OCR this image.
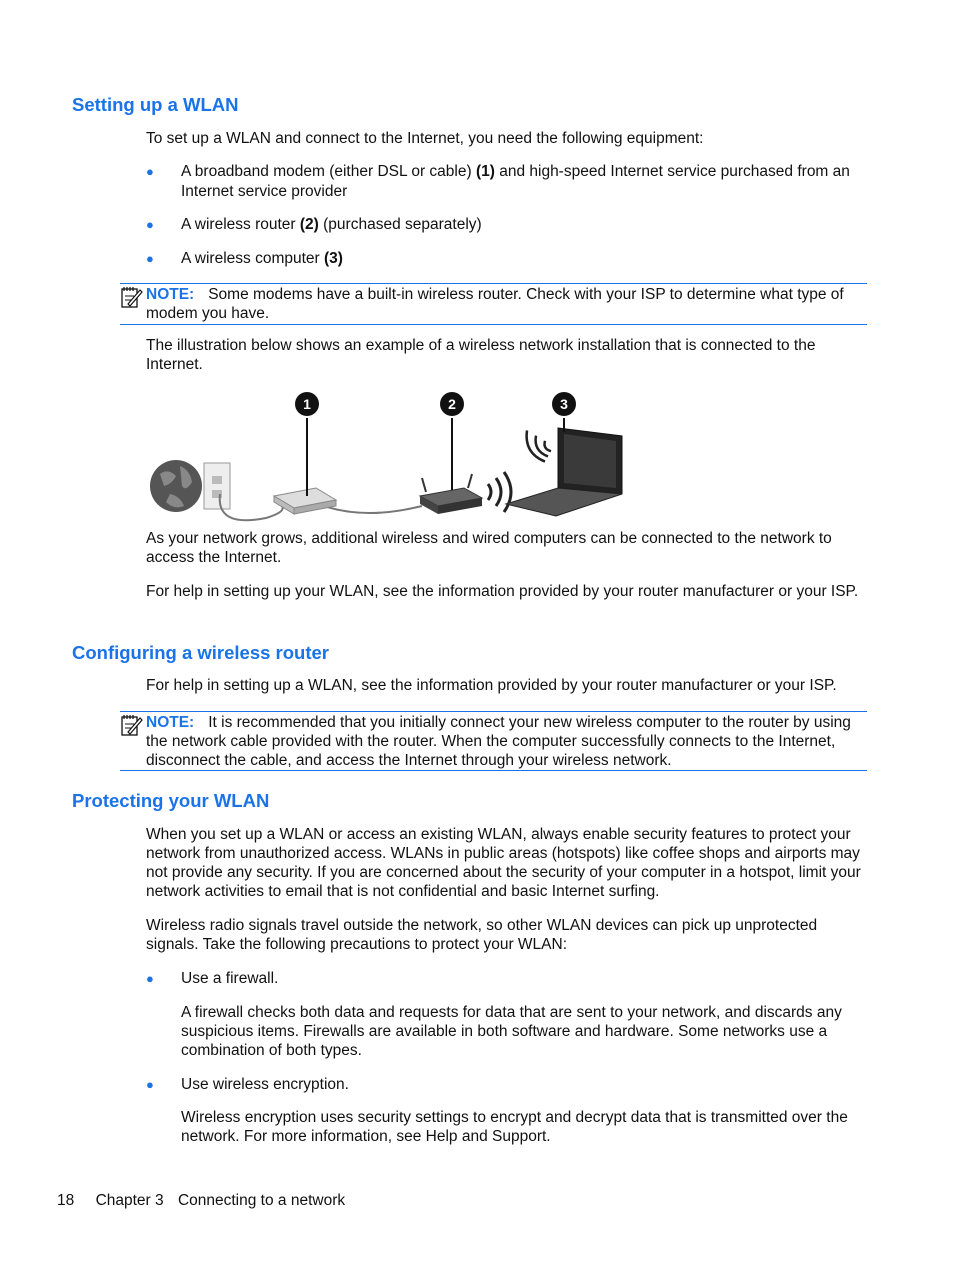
Setting up a WLAN

To set up a WLAN and connect to the Internet, you need the following equipment:

● A broadband modem (either DSL or cable) (1) and high-speed Internet service purchased from an Internet service provider
● A wireless router (2) (purchased separately)
● A wireless computer (3)
NOTE: Some modems have a built-in wireless router. Check with your ISP to determine what type of modem you have.

The illustration below shows an example of a wireless network installation that is connected to the Internet.

1	2	3

As your network grows, additional wireless and wired computers can be connected to the network to access the Internet.

For help in setting up your WLAN, see the information provided by your router manufacturer or your ISP.

Configuring a wireless router

For help in setting up a WLAN, see the information provided by your router manufacturer or your ISP.

NOTE: It is recommended that you initially connect your new wireless computer to the router by using the network cable provided with the router. When the computer successfully connects to the Internet, disconnect the cable, and access the Internet through your wireless network.
Protecting your WLAN

When you set up a WLAN or access an existing WLAN, always enable security features to protect your network from unauthorized access. WLANs in public areas (hotspots) like coffee shops and airports may not provide any security. If you are concerned about the security of your computer in a hotspot, limit your network activities to email that is not confidential and basic Internet surfing.

Wireless radio signals travel outside the network, so other WLAN devices can pick up unprotected signals. Take the following precautions to protect your WLAN:

● Use a firewall.
A firewall checks both data and requests for data that are sent to your network, and discards any suspicious items. Firewalls are available in both software and hardware. Some networks use a combination of both types.
● Use wireless encryption.
Wireless encryption uses security settings to encrypt and decrypt data that is transmitted over the network. For more information, see Help and Support.
18 Chapter 3 Connecting to a network
